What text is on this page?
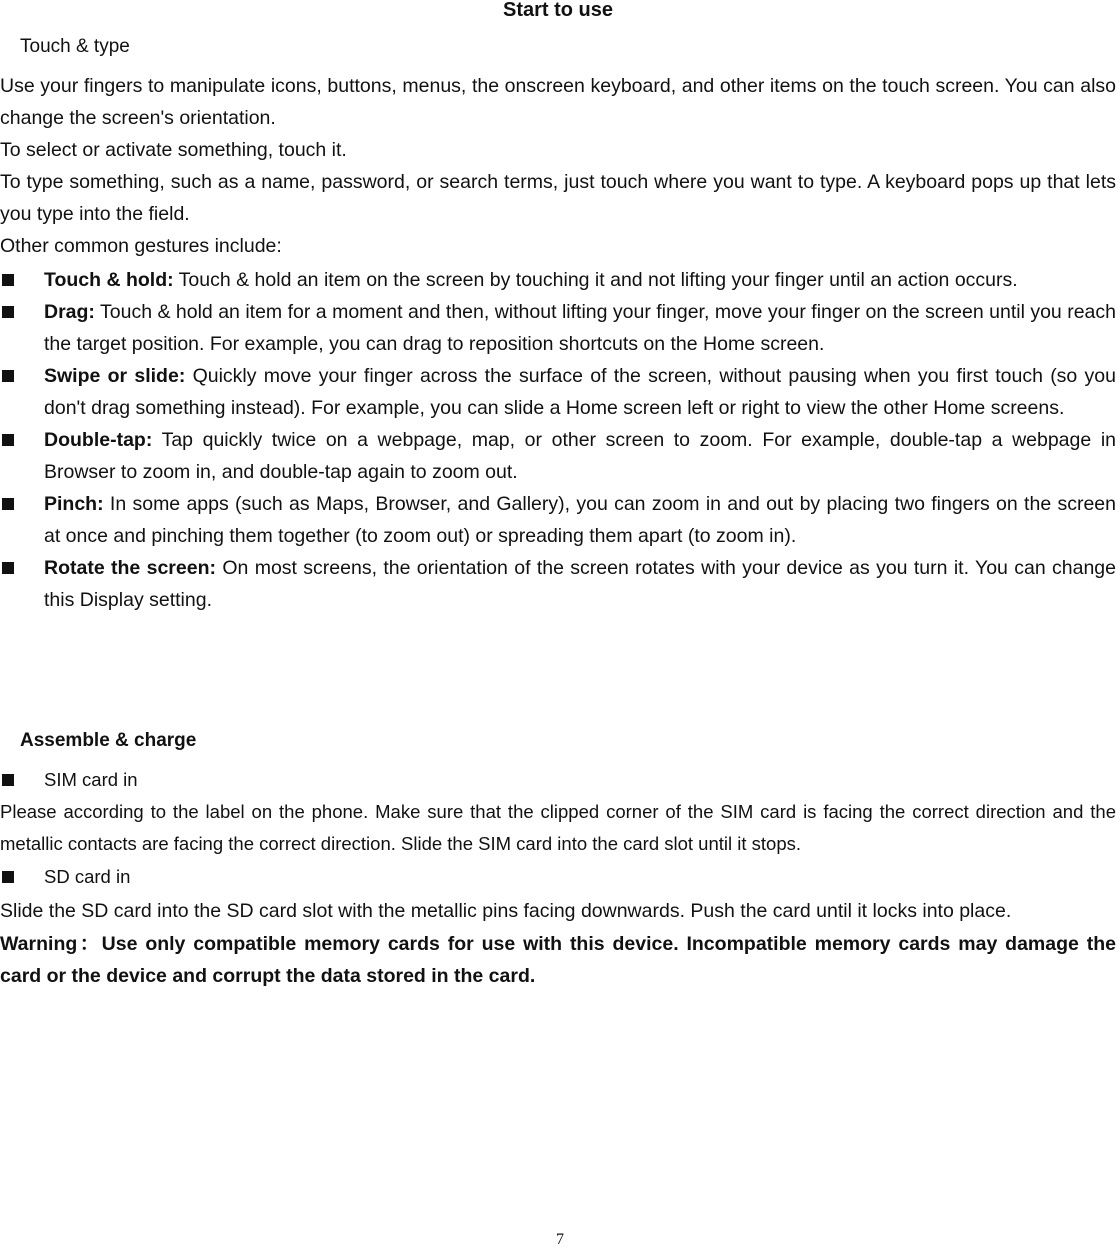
Start to use
Touch & type

Use your fingers to manipulate icons, buttons, menus, the onscreen keyboard, and other items on the touch screen. You can also change the screen's orientation.

To select or activate something, touch it.

To type something, such as a name, password, or search terms, just touch where you want to type. A keyboard pops up that lets you type into the field.

Other common gestures include:

Touch & hold: Touch & hold an item on the screen by touching it and not lifting your finger until an action occurs.
Drag: Touch & hold an item for a moment and then, without lifting your finger, move your finger on the screen until you reach the target position. For example, you can drag to reposition shortcuts on the Home screen.
Swipe or slide: Quickly move your finger across the surface of the screen, without pausing when you first touch (so you don't drag something instead). For example, you can slide a Home screen left or right to view the other Home screens.
Double-tap: Tap quickly twice on a webpage, map, or other screen to zoom. For example, double-tap a webpage in Browser to zoom in, and double-tap again to zoom out.
Pinch: In some apps (such as Maps, Browser, and Gallery), you can zoom in and out by placing two fingers on the screen at once and pinching them together (to zoom out) or spreading them apart (to zoom in).
Rotate the screen: On most screens, the orientation of the screen rotates with your device as you turn it. You can change this Display setting.
Assemble & charge
SIM card in

Please according to the label on the phone. Make sure that the clipped corner of the SIM card is facing the correct direction and the metallic contacts are facing the correct direction. Slide the SIM card into the card slot until it stops.

SD card in

Slide the SD card into the SD card slot with the metallic pins facing downwards. Push the card until it locks into place.

Warning：Use only compatible memory cards for use with this device. Incompatible memory cards may damage the card or the device and corrupt the data stored in the card.

7
